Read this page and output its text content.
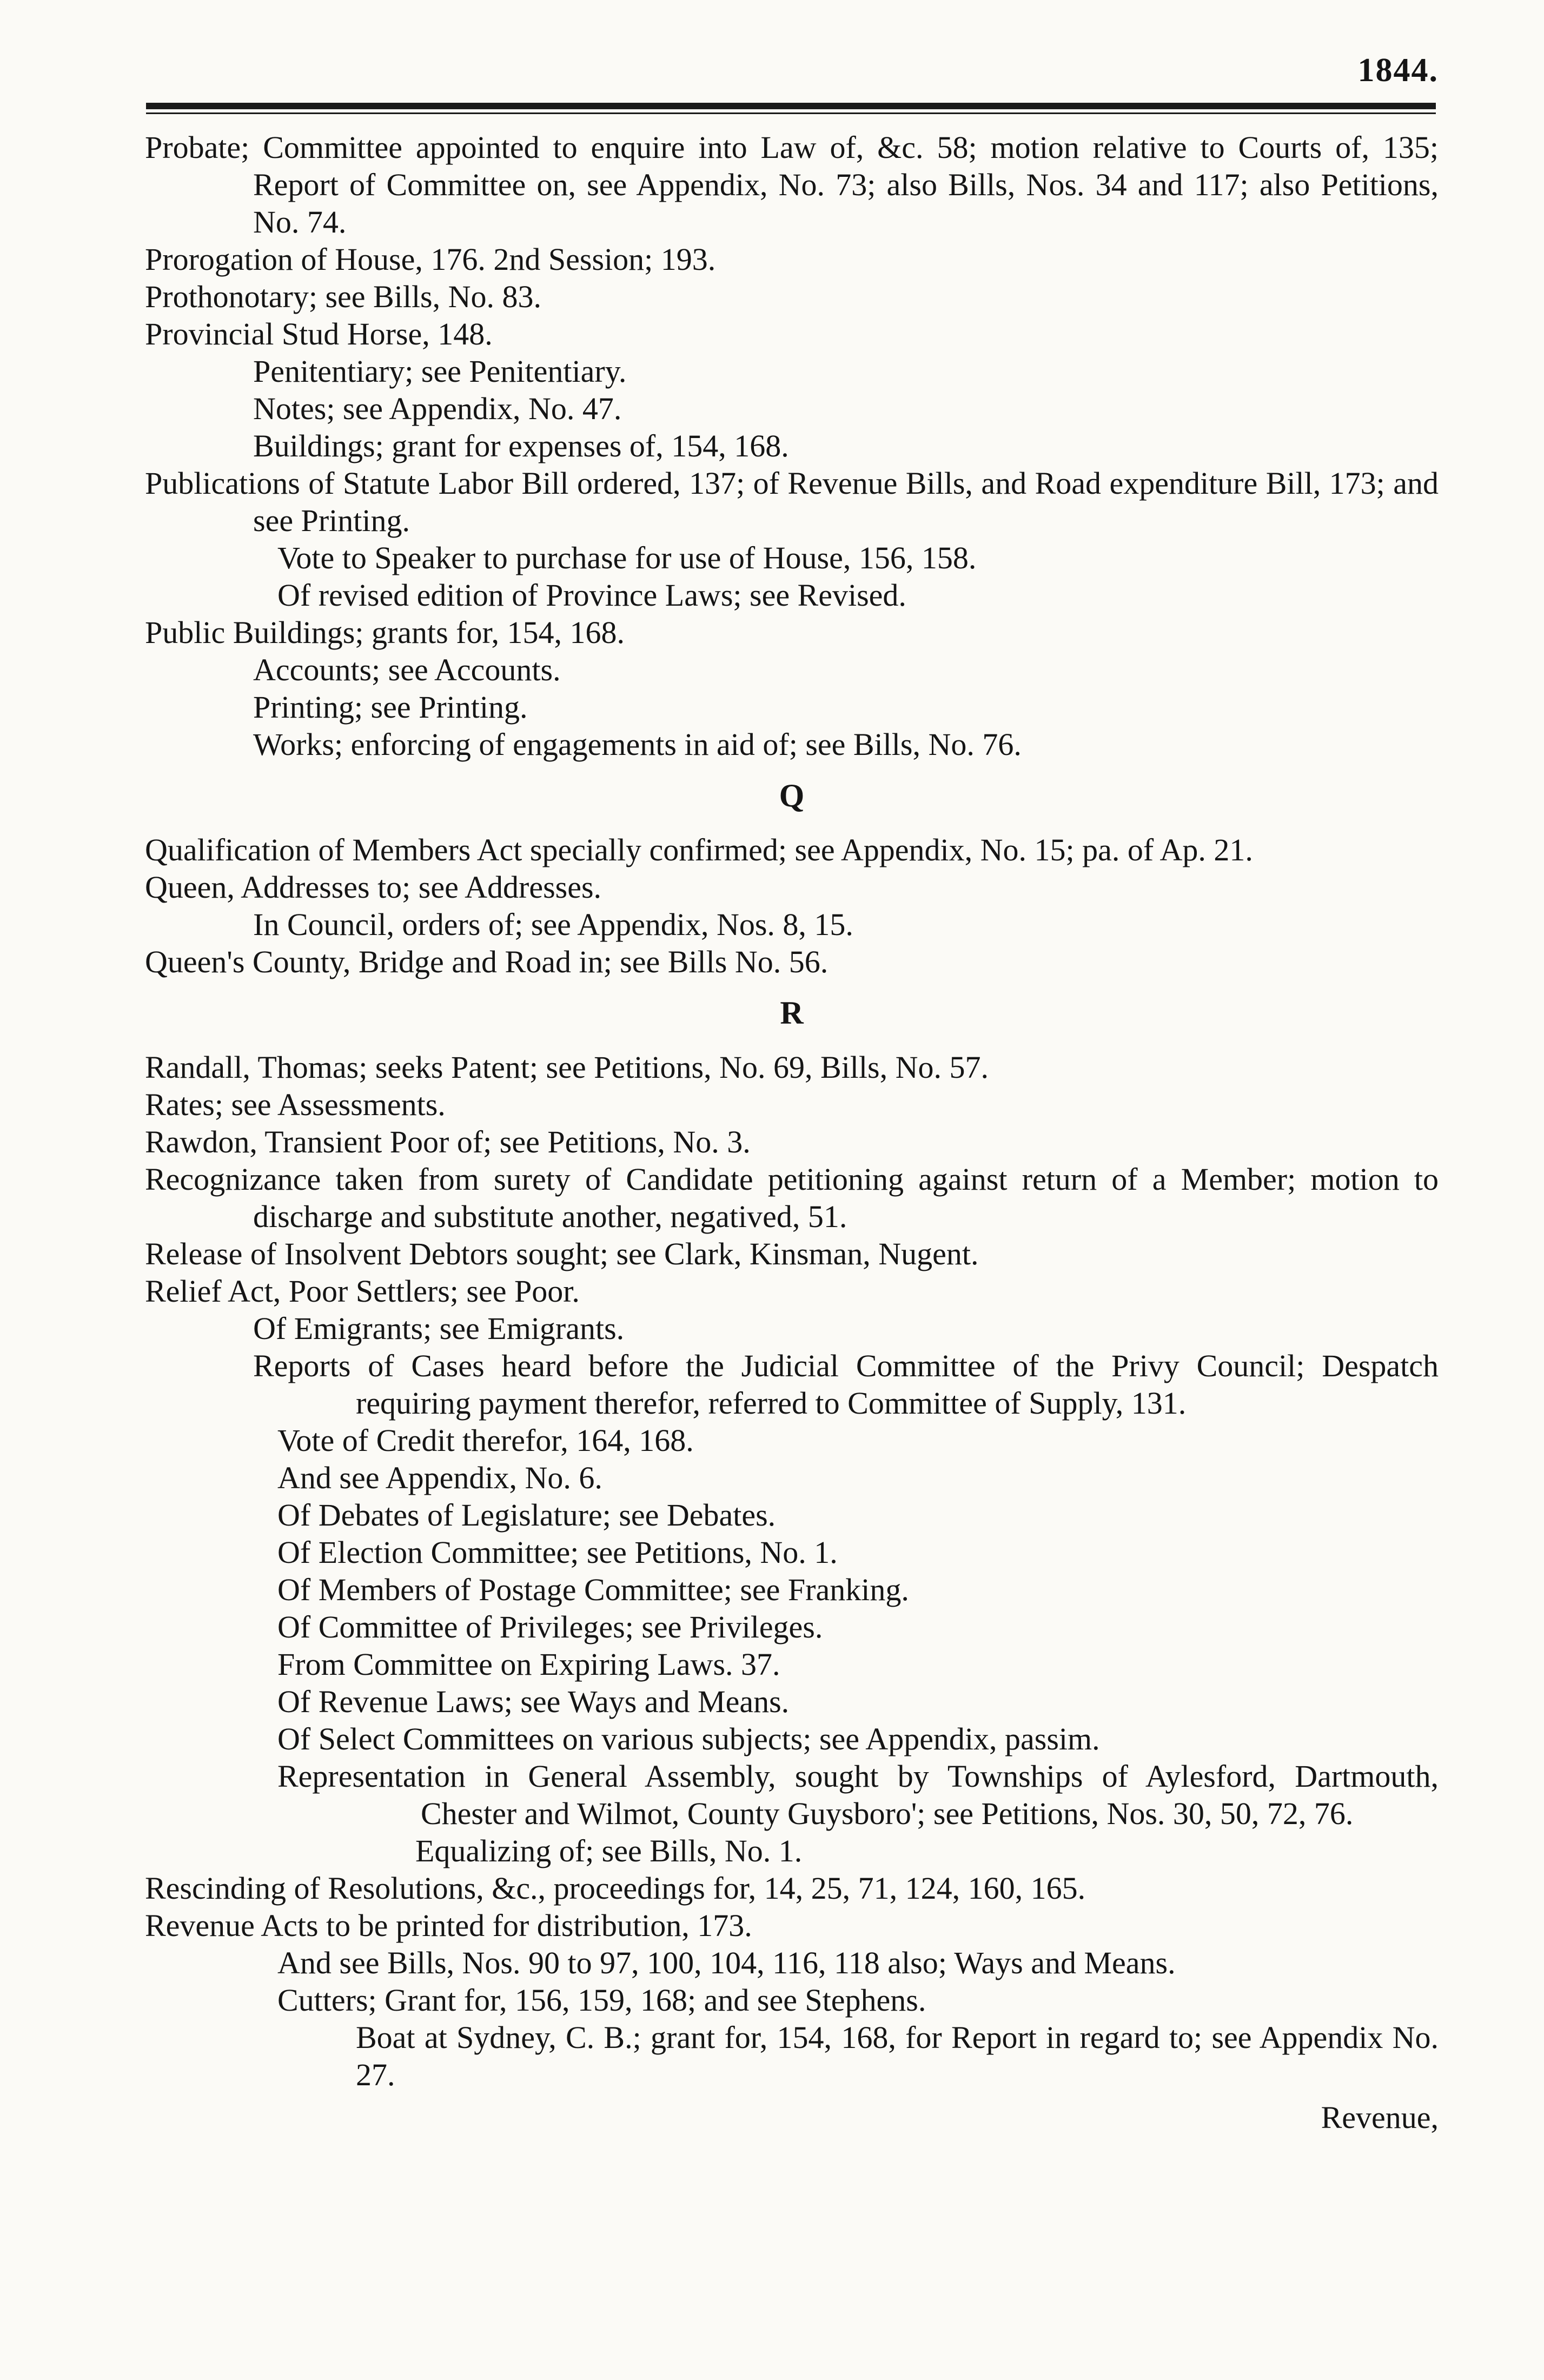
1844.

Probate; Committee appointed to enquire into Law of, &c. 58; motion relative to Courts of, 135; Report of Committee on, see Appendix, No. 73; also Bills, Nos. 34 and 117; also Petitions, No. 74.

Prorogation of House, 176. 2nd Session; 193.

Prothonotary; see Bills, No. 83.

Provincial Stud Horse, 148.

Penitentiary; see Penitentiary.

Notes; see Appendix, No. 47.

Buildings; grant for expenses of, 154, 168.

Publications of Statute Labor Bill ordered, 137; of Revenue Bills, and Road expenditure Bill, 173; and see Printing.

Vote to Speaker to purchase for use of House, 156, 158.

Of revised edition of Province Laws; see Revised.

Public Buildings; grants for, 154, 168.

Accounts; see Accounts.

Printing; see Printing.

Works; enforcing of engagements in aid of; see Bills, No. 76.

Q

Qualification of Members Act specially confirmed; see Appendix, No. 15; pa. of Ap. 21.

Queen, Addresses to; see Addresses.

In Council, orders of; see Appendix, Nos. 8, 15.

Queen's County, Bridge and Road in; see Bills No. 56.

R

Randall, Thomas; seeks Patent; see Petitions, No. 69, Bills, No. 57.

Rates; see Assessments.

Rawdon, Transient Poor of; see Petitions, No. 3.

Recognizance taken from surety of Candidate petitioning against return of a Member; motion to discharge and substitute another, negatived, 51.

Release of Insolvent Debtors sought; see Clark, Kinsman, Nugent.

Relief Act, Poor Settlers; see Poor.

Of Emigrants; see Emigrants.

Reports of Cases heard before the Judicial Committee of the Privy Council; Despatch requiring payment therefor, referred to Committee of Supply, 131.

Vote of Credit therefor, 164, 168.

And see Appendix, No. 6.

Of Debates of Legislature; see Debates.

Of Election Committee; see Petitions, No. 1.

Of Members of Postage Committee; see Franking.

Of Committee of Privileges; see Privileges.

From Committee on Expiring Laws. 37.

Of Revenue Laws; see Ways and Means.

Of Select Committees on various subjects; see Appendix, passim.

Representation in General Assembly, sought by Townships of Aylesford, Dartmouth, Chester and Wilmot, County Guysboro'; see Petitions, Nos. 30, 50, 72, 76.

Equalizing of; see Bills, No. 1.

Rescinding of Resolutions, &c., proceedings for, 14, 25, 71, 124, 160, 165.

Revenue Acts to be printed for distribution, 173.

And see Bills, Nos. 90 to 97, 100, 104, 116, 118 also; Ways and Means.

Cutters; Grant for, 156, 159, 168; and see Stephens.

Boat at Sydney, C. B.; grant for, 154, 168, for Report in regard to; see Appendix No. 27.

Revenue,
